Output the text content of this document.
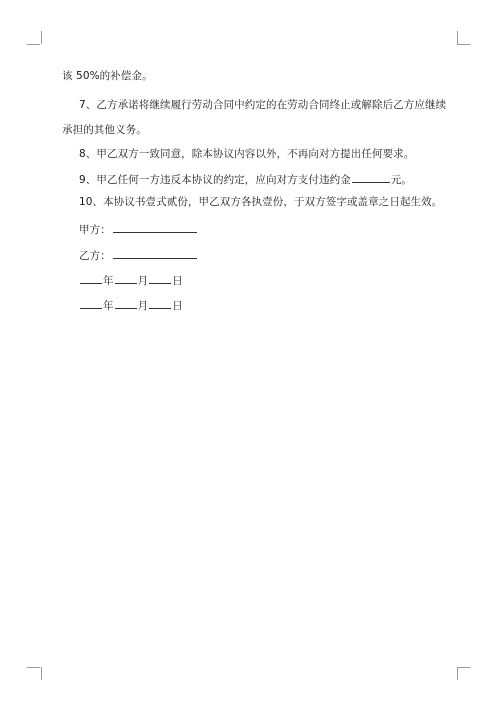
该 50%的补偿金。
7、乙方承诺将继续履行劳动合同中约定的在劳动合同终止或解除后乙方应继续
承担的其他义务。
8、甲乙双方一致同意，除本协议内容以外，不再向对方提出任何要求。
9、甲乙任何一方违反本协议的约定，应向对方支付违约金	元。
10、本协议书壹式贰份，甲乙双方各执壹份，于双方签字或盖章之日起生效。
甲方：
乙方：
年 月 日
年 月 日
